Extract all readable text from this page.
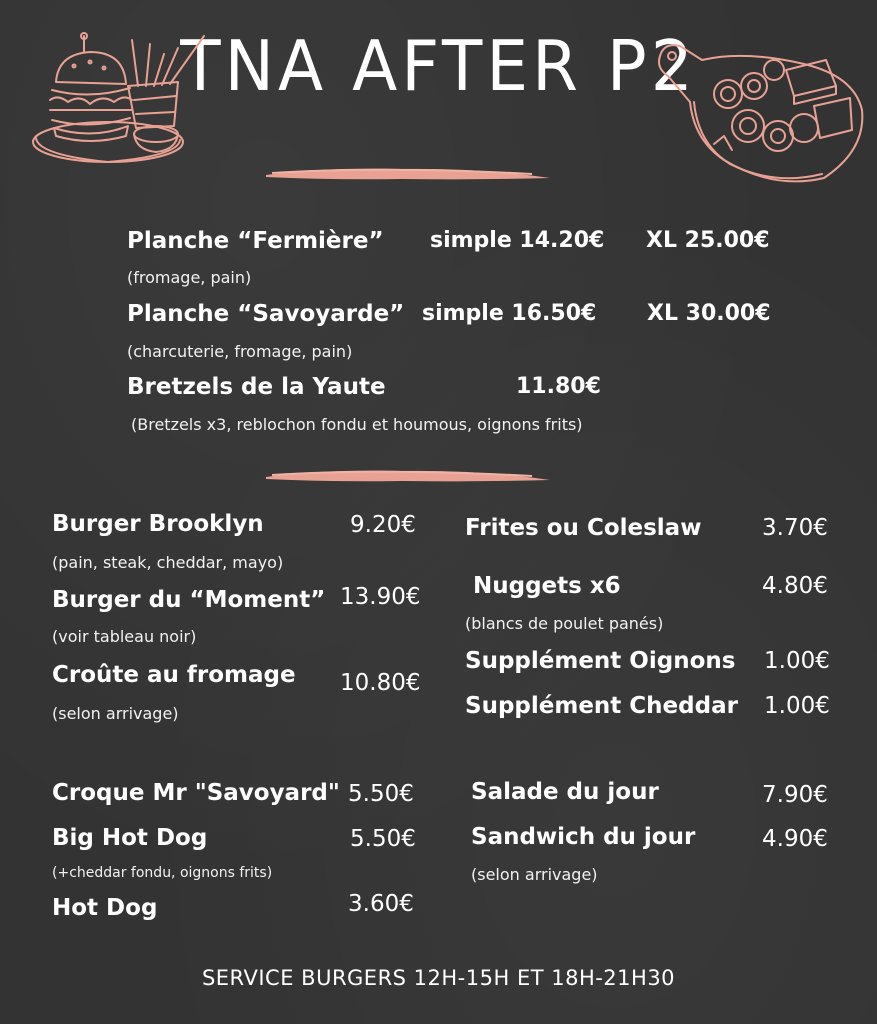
TNA AFTER P2
Planche “Fermière” simple 14.20€ XL 25.00€
(fromage, pain)
Planche “Savoyarde” simple 16.50€ XL 30.00€
(charcuterie, fromage, pain)
Bretzels de la Yaute	11.80€
(Bretzels x3, reblochon fondu et houmous, oignons frits)
Burger Brooklyn	9.20€
(pain, steak, cheddar, mayo)
Burger du “Moment” 13.90€
(voir tableau noir)
Croûte au fromage 10.80€
(selon arrivage)
Croque Mr "Savoyard" 5.50€
Big Hot Dog	5.50€
(+cheddar fondu, oignons frits)
Hot Dog	3.60€
Frites ou Coleslaw	3.70€
Nuggets x6	4.80€
(blancs de poulet panés)
Supplément Oignons 1.00€
Supplément Cheddar 1.00€
Salade du jour	7.90€
Sandwich du jour	4.90€
(selon arrivage)
SERVICE BURGERS 12H-15H ET 18H-21H30
